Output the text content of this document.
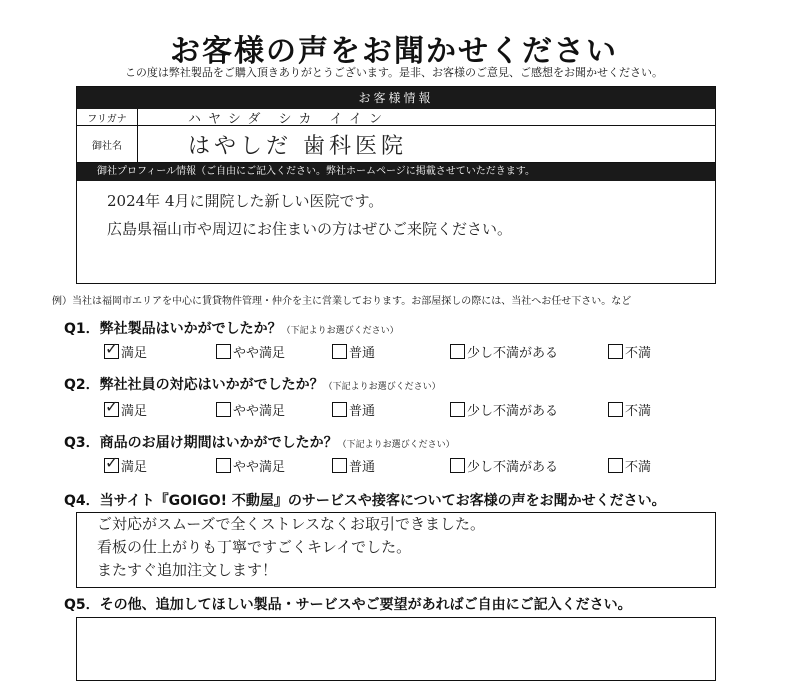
お客様の声をお聞かせください
この度は弊社製品をご購入頂きありがとうございます。是非、お客様のご意見、ご感想をお聞かせください。
お客様情報
フリガナ	ハヤシダ シカ イイン
御社名	はやしだ 歯科医院
御社プロフィール情報（ご自由にご記入ください。弊社ホームページに掲載させていただきます。
2024年 4月に開院した新しい医院です。
広島県福山市や周辺にお住まいの方はぜひご来院ください。
例）当社は福岡市エリアを中心に賃貸物件管理・仲介を主に営業しております。お部屋探しの際には、当社へお任せ下さい。など
Q1．弊社製品はいかがでしたか？（下記よりお選びください）
✓
満足	やや満足	普通	少し不満がある	不満
Q2．弊社社員の対応はいかがでしたか？（下記よりお選びください）
✓
満足	やや満足	普通	少し不満がある	不満
Q3．商品のお届け期間はいかがでしたか？（下記よりお選びください）
✓
満足	やや満足	普通	少し不満がある	不満
Q4．当サイト『GOIGO! 不動屋』のサービスや接客についてお客様の声をお聞かせください。
ご対応がスムーズで全くストレスなくお取引できました。
看板の仕上がりも丁寧ですごくキレイでした。
またすぐ追加注文します！
Q5．その他、追加してほしい製品・サービスやご要望があればご自由にご記入ください。
